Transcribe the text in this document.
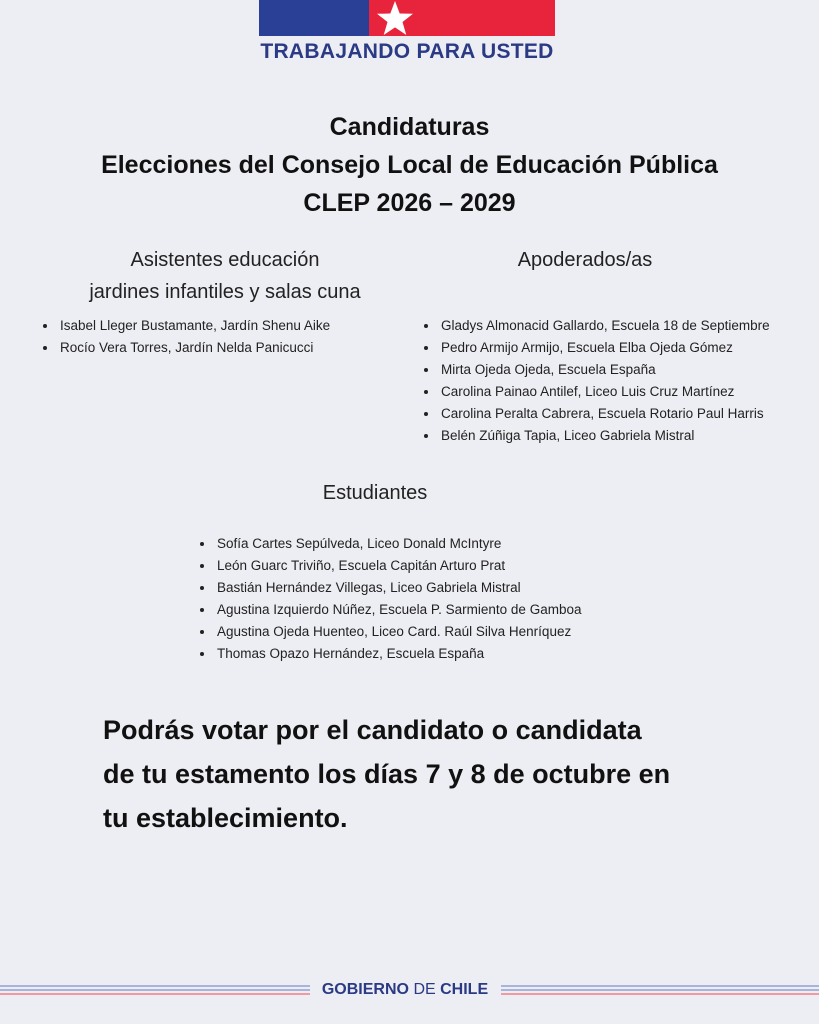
TRABAJANDO PARA USTED
Candidaturas
Elecciones del Consejo Local de Educación Pública
CLEP 2026 – 2029
Asistentes educación
jardines infantiles y salas cuna
• Isabel Lleger Bustamante, Jardín Shenu Aike
• Rocío Vera Torres, Jardín Nelda Panicucci
Apoderados/as
• Gladys Almonacid Gallardo, Escuela 18 de Septiembre
• Pedro Armijo Armijo, Escuela Elba Ojeda Gómez
• Mirta Ojeda Ojeda, Escuela España
• Carolina Painao Antilef, Liceo Luis Cruz Martínez
• Carolina Peralta Cabrera, Escuela Rotario Paul Harris
• Belén Zúñiga Tapia, Liceo Gabriela Mistral
Estudiantes
• Sofía Cartes Sepúlveda, Liceo Donald McIntyre
• León Guarc Triviño, Escuela Capitán Arturo Prat
• Bastián Hernández Villegas, Liceo Gabriela Mistral
• Agustina Izquierdo Núñez, Escuela P. Sarmiento de Gamboa
• Agustina Ojeda Huenteo, Liceo Card. Raúl Silva Henríquez
• Thomas Opazo Hernández, Escuela España
Podrás votar por el candidato o candidata
de tu estamento los días 7 y 8 de octubre en
tu establecimiento.
GOBIERNO DE CHILE
